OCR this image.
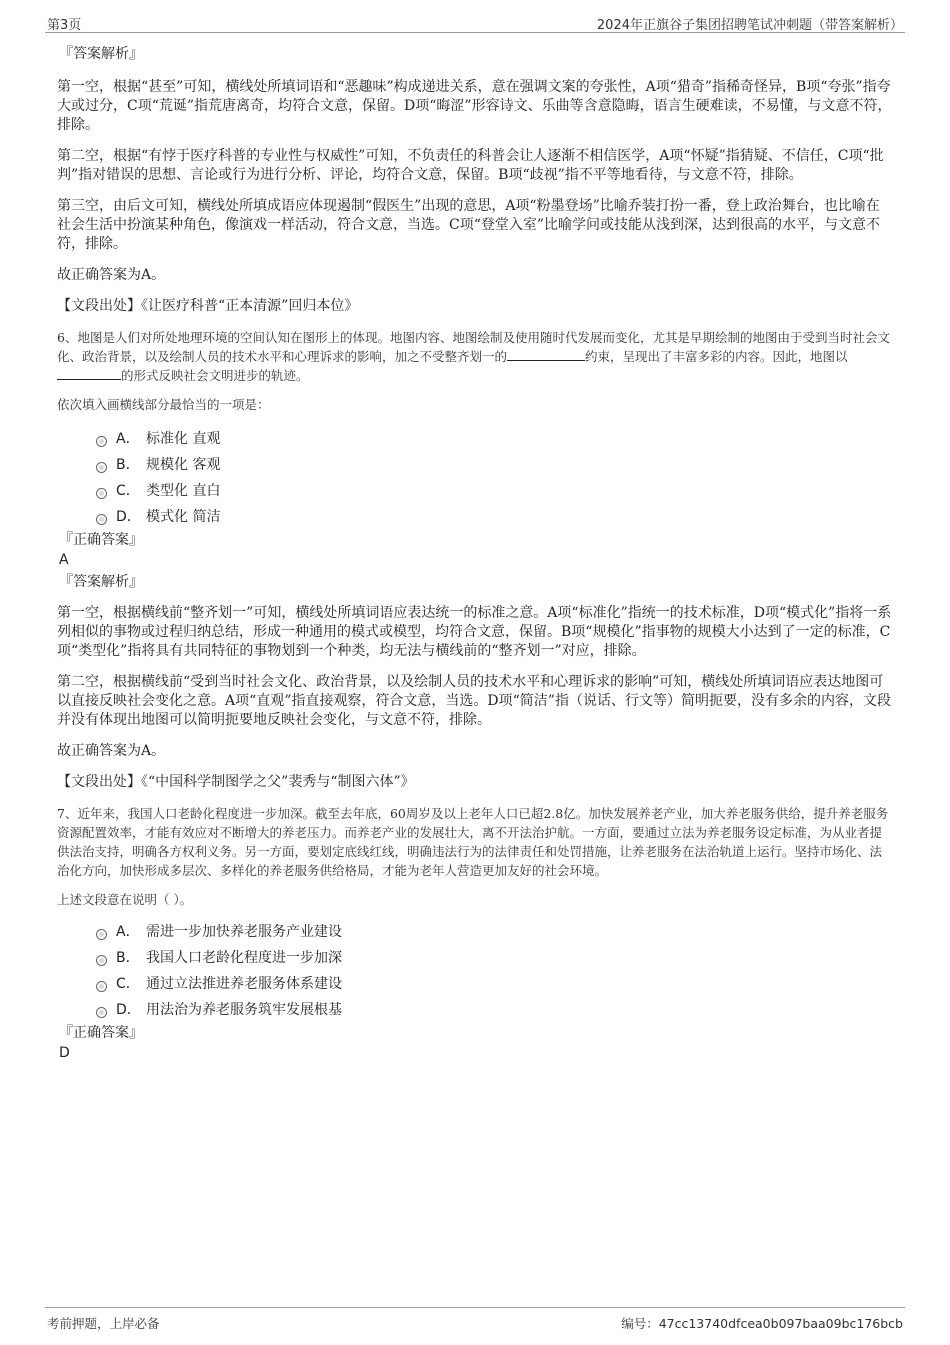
第3页	2024年正旗谷子集团招聘笔试冲刺题（带答案解析）
『答案解析』

第一空，根据“甚至”可知，横线处所填词语和“恶趣味”构成递进关系，意在强调文案的夸张性，A项“猎奇”指稀奇怪异，B项“夸张”指夸大或过分，C项“荒诞”指荒唐离奇，均符合文意，保留。D项“晦涩”形容诗文、乐曲等含意隐晦，语言生硬难读，不易懂，与文意不符，排除。

第二空，根据“有悖于医疗科普的专业性与权威性”可知，不负责任的科普会让人逐渐不相信医学，A项“怀疑”指猜疑、不信任，C项“批判”指对错误的思想、言论或行为进行分析、评论，均符合文意，保留。B项“歧视”指不平等地看待，与文意不符，排除。

第三空，由后文可知，横线处所填成语应体现遏制“假医生”出现的意思，A项“粉墨登场”比喻乔装打扮一番，登上政治舞台，也比喻在社会生活中扮演某种角色，像演戏一样活动，符合文意，当选。C项“登堂入室”比喻学问或技能从浅到深，达到很高的水平，与文意不符，排除。

故正确答案为A。

【文段出处】《让医疗科普“正本清源”回归本位》

6、地图是人们对所处地理环境的空间认知在图形上的体现。地图内容、地图绘制及使用随时代发展而变化，尤其是早期绘制的地图由于受到当时社会文化、政治背景，以及绘制人员的技术水平和心理诉求的影响，加之不受整齐划一的	约束，呈现出了丰富多彩的内容。因此，地图以的形式反映社会文明进步的轨迹。

依次填入画横线部分最恰当的一项是：

A． 标准化 直观
B． 规模化 客观
C． 类型化 直白
D． 模式化 简洁
『正确答案』
A
『答案解析』

第一空，根据横线前“整齐划一”可知，横线处所填词语应表达统一的标准之意。A项“标准化”指统一的技术标准，D项“模式化”指将一系列相似的事物或过程归纳总结，形成一种通用的模式或模型，均符合文意，保留。B项“规模化”指事物的规模大小达到了一定的标准，C项“类型化”指将具有共同特征的事物划到一个种类，均无法与横线前的“整齐划一”对应，排除。

第二空，根据横线前“受到当时社会文化、政治背景，以及绘制人员的技术水平和心理诉求的影响”可知，横线处所填词语应表达地图可以直接反映社会变化之意。A项“直观”指直接观察，符合文意，当选。D项“简洁”指（说话、行文等）简明扼要，没有多余的内容，文段并没有体现出地图可以简明扼要地反映社会变化，与文意不符，排除。

故正确答案为A。

【文段出处】《“中国科学制图学之父”裴秀与“制图六体”》

7、近年来，我国人口老龄化程度进一步加深。截至去年底，60周岁及以上老年人口已超2.8亿。加快发展养老产业，加大养老服务供给，提升养老服务资源配置效率，才能有效应对不断增大的养老压力。而养老产业的发展壮大，离不开法治护航。一方面，要通过立法为养老服务设定标准，为从业者提供法治支持，明确各方权利义务。另一方面，要划定底线红线，明确违法行为的法律责任和处罚措施，让养老服务在法治轨道上运行。坚持市场化、法治化方向，加快形成多层次、多样化的养老服务供给格局，才能为老年人营造更加友好的社会环境。

上述文段意在说明（ ）。

A． 需进一步加快养老服务产业建设
B． 我国人口老龄化程度进一步加深
C． 通过立法推进养老服务体系建设
D． 用法治为养老服务筑牢发展根基
『正确答案』
D
考前押题，上岸必备	编号：47cc13740dfcea0b097baa09bc176bcb
